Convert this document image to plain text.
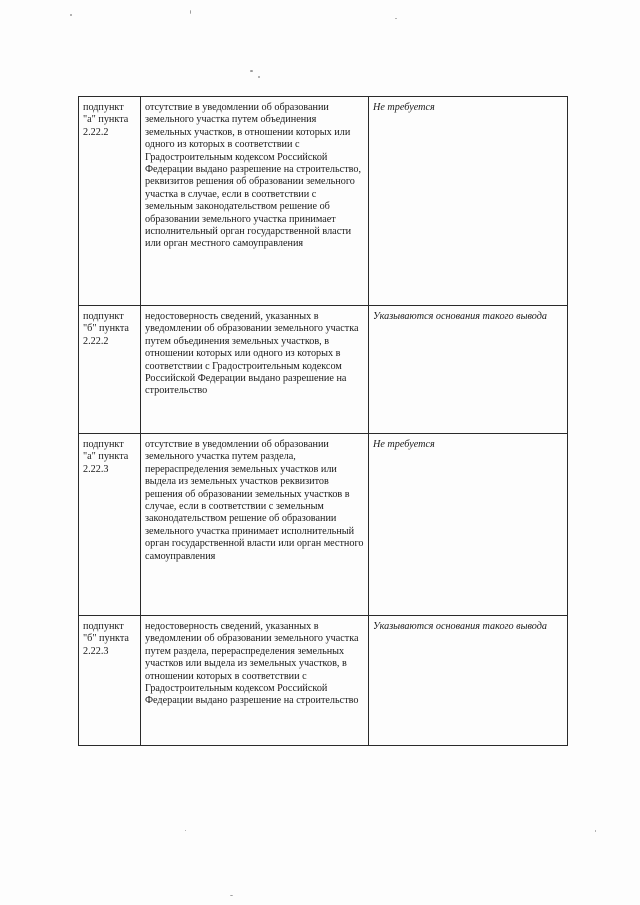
подпункт "а" пункта 2.22.2	отсутствие в уведомлении об образовании земельного участка путем объединения земельных участков, в отношении которых или одного из которых в соответствии с Градостроительным кодексом Российской Федерации выдано разрешение на строительство, реквизитов решения об образовании земельного участка в случае, если в соответствии с земельным законодательством решение об образовании земельного участка принимает исполнительный орган государственной власти или орган местного самоуправления	Не требуется
подпункт "б" пункта 2.22.2	недостоверность сведений, указанных в уведомлении об образовании земельного участка путем объединения земельных участков, в отношении которых или одного из которых в соответствии с Градостроительным кодексом Российской Федерации выдано разрешение на строительство	Указываются основания такого вывода
подпункт "а" пункта 2.22.3	отсутствие в уведомлении об образовании земельного участка путем раздела, перераспределения земельных участков или выдела из земельных участков реквизитов решения об образовании земельных участков в случае, если в соответствии с земельным законодательством решение об образовании земельного участка принимает исполнительный орган государственной власти или орган местного самоуправления	Не требуется
подпункт "б" пункта 2.22.3	недостоверность сведений, указанных в уведомлении об образовании земельного участка путем раздела, перераспределения земельных участков или выдела из земельных участков, в отношении которых в соответствии с Градостроительным кодексом Российской Федерации выдано разрешение на строительство	Указываются основания такого вывода
